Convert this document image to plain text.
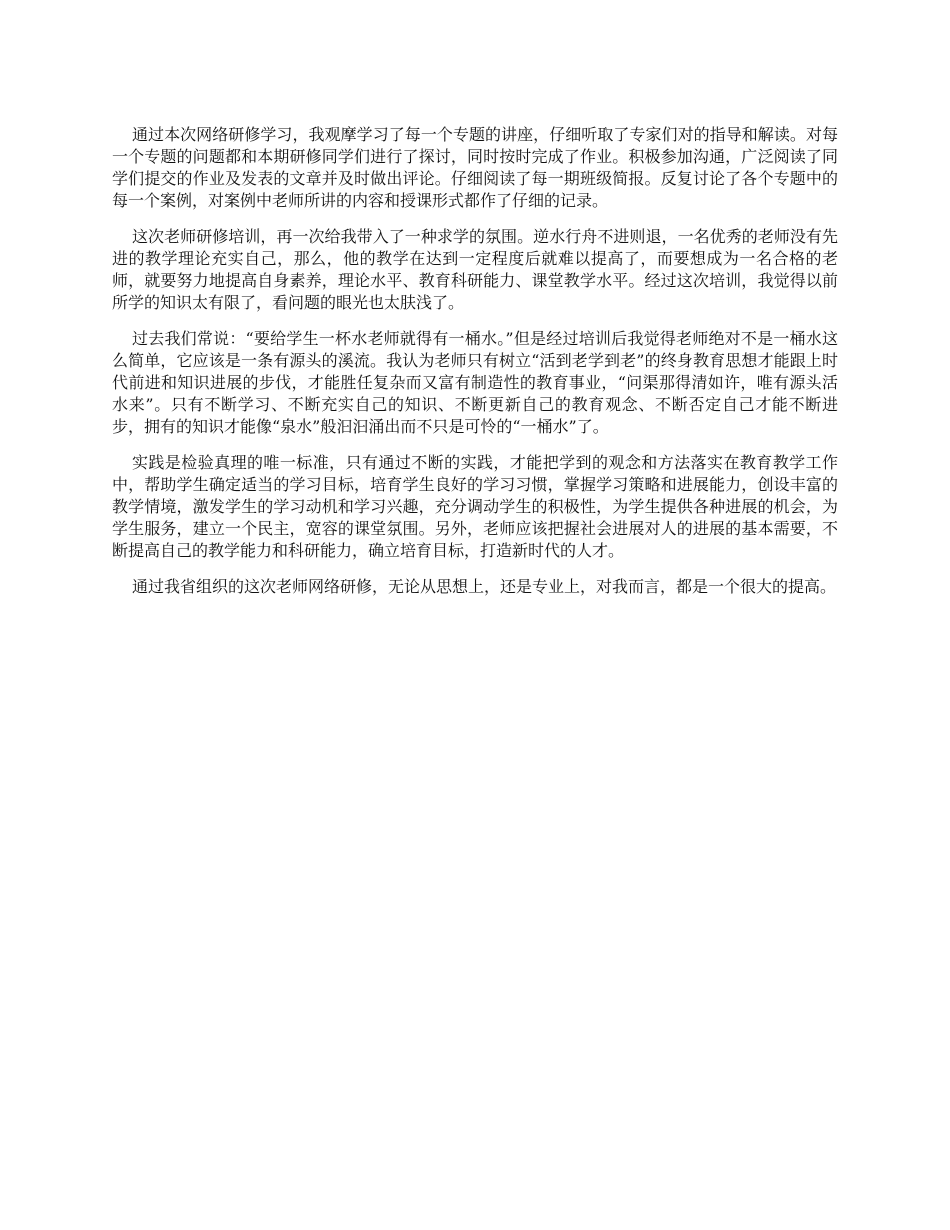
通过本次网络研修学习，我观摩学习了每一个专题的讲座，仔细听取了专家们对的指导和解读。对每一个专题的问题都和本期研修同学们进行了探讨，同时按时完成了作业。积极参加沟通，广泛阅读了同学们提交的作业及发表的文章并及时做出评论。仔细阅读了每一期班级简报。反复讨论了各个专题中的每一个案例，对案例中老师所讲的内容和授课形式都作了仔细的记录。

这次老师研修培训，再一次给我带入了一种求学的氛围。逆水行舟不进则退，一名优秀的老师没有先进的教学理论充实自己，那么，他的教学在达到一定程度后就难以提高了，而要想成为一名合格的老师，就要努力地提高自身素养，理论水平、教育科研能力、课堂教学水平。经过这次培训，我觉得以前所学的知识太有限了，看问题的眼光也太肤浅了。

过去我们常说：“要给学生一杯水老师就得有一桶水。”但是经过培训后我觉得老师绝对不是一桶水这么简单，它应该是一条有源头的溪流。我认为老师只有树立“活到老学到老”的终身教育思想才能跟上时代前进和知识进展的步伐，才能胜任复杂而又富有制造性的教育事业，“问渠那得清如许，唯有源头活水来”。只有不断学习、不断充实自己的知识、不断更新自己的教育观念、不断否定自己才能不断进步，拥有的知识才能像“泉水”般汩汩涌出而不只是可怜的“一桶水”了。

实践是检验真理的唯一标准，只有通过不断的实践，才能把学到的观念和方法落实在教育教学工作中，帮助学生确定适当的学习目标，培育学生良好的学习习惯，掌握学习策略和进展能力，创设丰富的教学情境，激发学生的学习动机和学习兴趣，充分调动学生的积极性，为学生提供各种进展的机会，为学生服务，建立一个民主，宽容的课堂氛围。另外，老师应该把握社会进展对人的进展的基本需要，不断提高自己的教学能力和科研能力，确立培育目标，打造新时代的人才。

通过我省组织的这次老师网络研修，无论从思想上，还是专业上，对我而言，都是一个很大的提高。
